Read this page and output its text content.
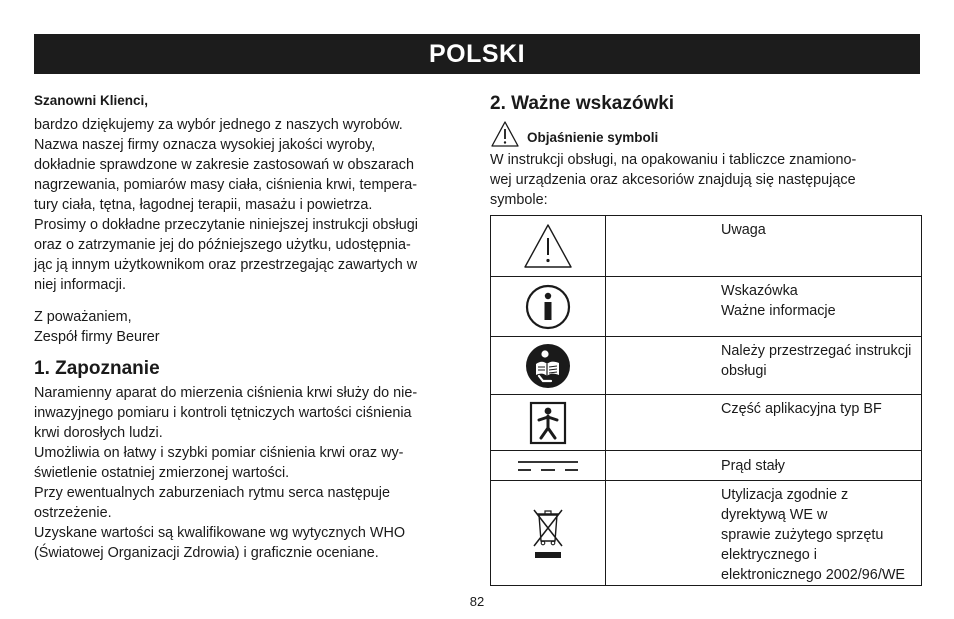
POLSKI
Szanowni Klienci,
bardzo dziękujemy za wybór jednego z naszych wyrobów.
Nazwa naszej firmy oznacza wysokiej jakości wyroby,
dokładnie sprawdzone w zakresie zastosowań w obszarach
nagrzewania, pomiarów masy ciała, ciśnienia krwi, tempera-
tury ciała, tętna, łagodnej terapii, masażu i powietrza.
Prosimy o dokładne przeczytanie niniejszej instrukcji obsługi
oraz o zatrzymanie jej do późniejszego użytku, udostępnia-
jąc ją innym użytkownikom oraz przestrzegając zawartych w
niej informacji.
Z poważaniem,
Zespół firmy Beurer
1. Zapoznanie
Naramienny aparat do mierzenia ciśnienia krwi służy do nie-
inwazyjnego pomiaru i kontroli tętniczych wartości ciśnienia
krwi dorosłych ludzi.
Umożliwia on łatwy i szybki pomiar ciśnienia krwi oraz wy-
świetlenie ostatniej zmierzonej wartości.
Przy ewentualnych zaburzeniach rytmu serca następuje
ostrzeżenie.
Uzyskane wartości są kwalifikowane wg wytycznych WHO
(Światowej Organizacji Zdrowia) i graficznie oceniane.
2. Ważne wskazówki
Objaśnienie symboli
W instrukcji obsługi, na opakowaniu i tabliczce znamiono-
wej urządzenia oraz akcesoriów znajdują się następujące
symbole:

Uwaga

Wskazówka
Ważne informacje

Należy przestrzegać instrukcji obsługi

Część aplikacyjna typ BF

Prąd stały

Utylizacja zgodnie z dyrektywą WE w
sprawie zużytego sprzętu elektrycznego i
elektronicznego 2002/96/WE
82
